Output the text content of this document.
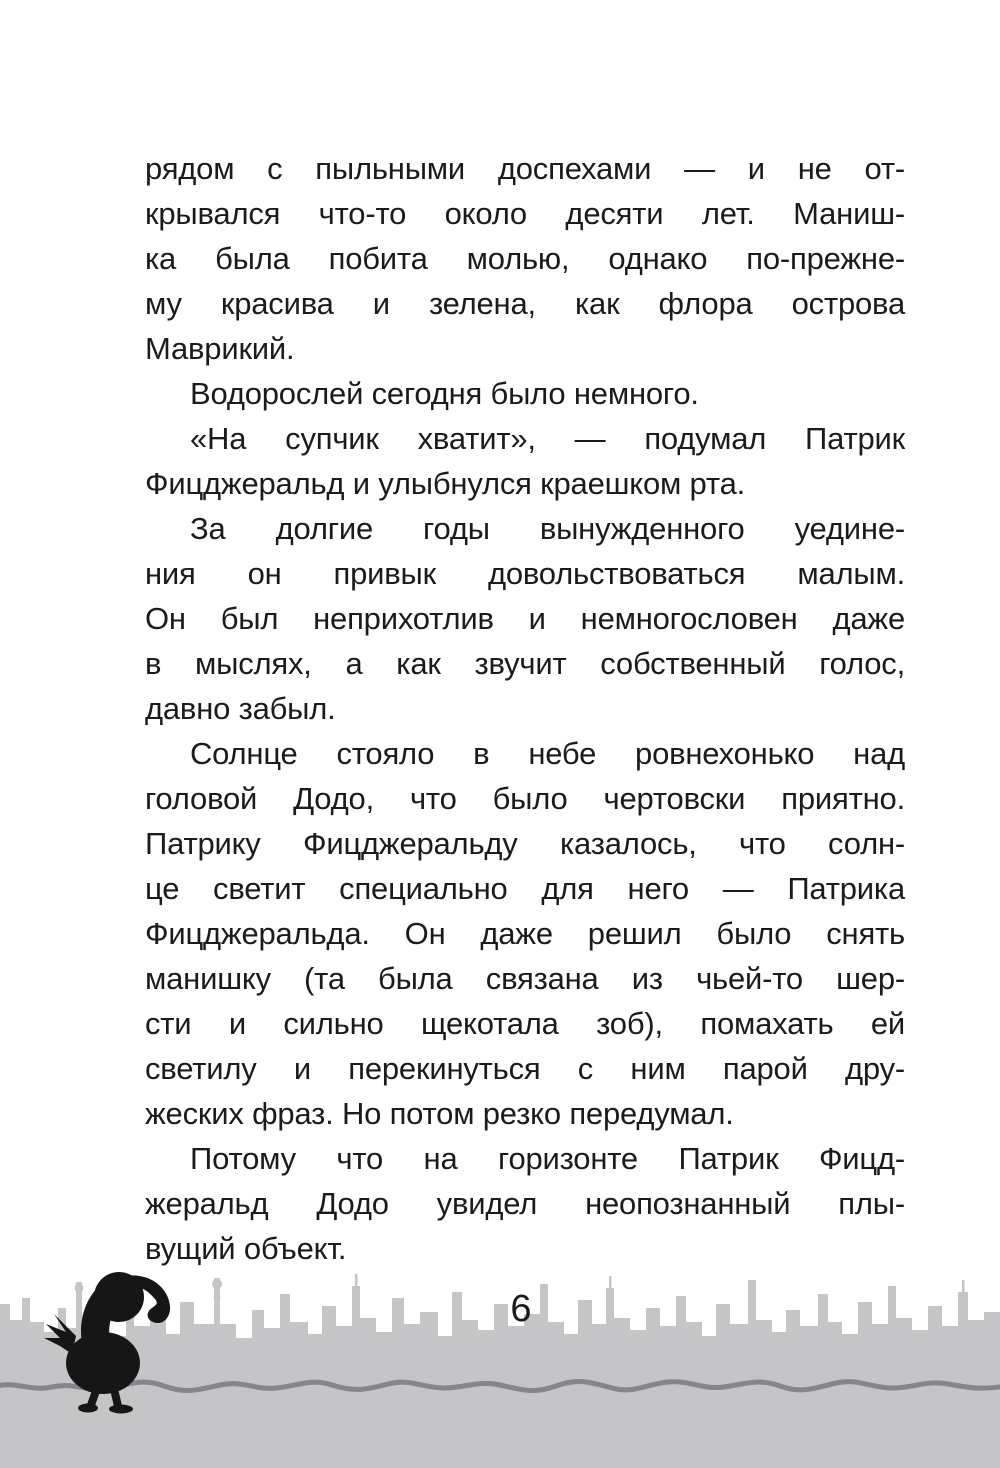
рядом с пыльными доспехами — и не от-
крывался что-то около десяти лет. Маниш-
ка была побита молью, однако по-прежне-
му красива и зелена, как флора острова
Маврикий.
Водорослей сегодня было немного.
«На супчик хватит», — подумал Патрик
Фицджеральд и улыбнулся краешком рта.
За долгие годы вынужденного уедине-
ния он привык довольствоваться малым.
Он был неприхотлив и немногословен даже
в мыслях, а как звучит собственный голос,
давно забыл.
Солнце стояло в небе ровнехонько над
головой Додо, что было чертовски приятно.
Патрику Фицджеральду казалось, что солн-
це светит специально для него — Патрика
Фицджеральда. Он даже решил было снять
манишку (та была связана из чьей-то шер-
сти и сильно щекотала зоб), помахать ей
светилу и перекинуться с ним парой дру-
жеских фраз. Но потом резко передумал.
Потому что на горизонте Патрик Фицд-
жеральд Додо увидел неопознанный плы-
вущий объект.
6
